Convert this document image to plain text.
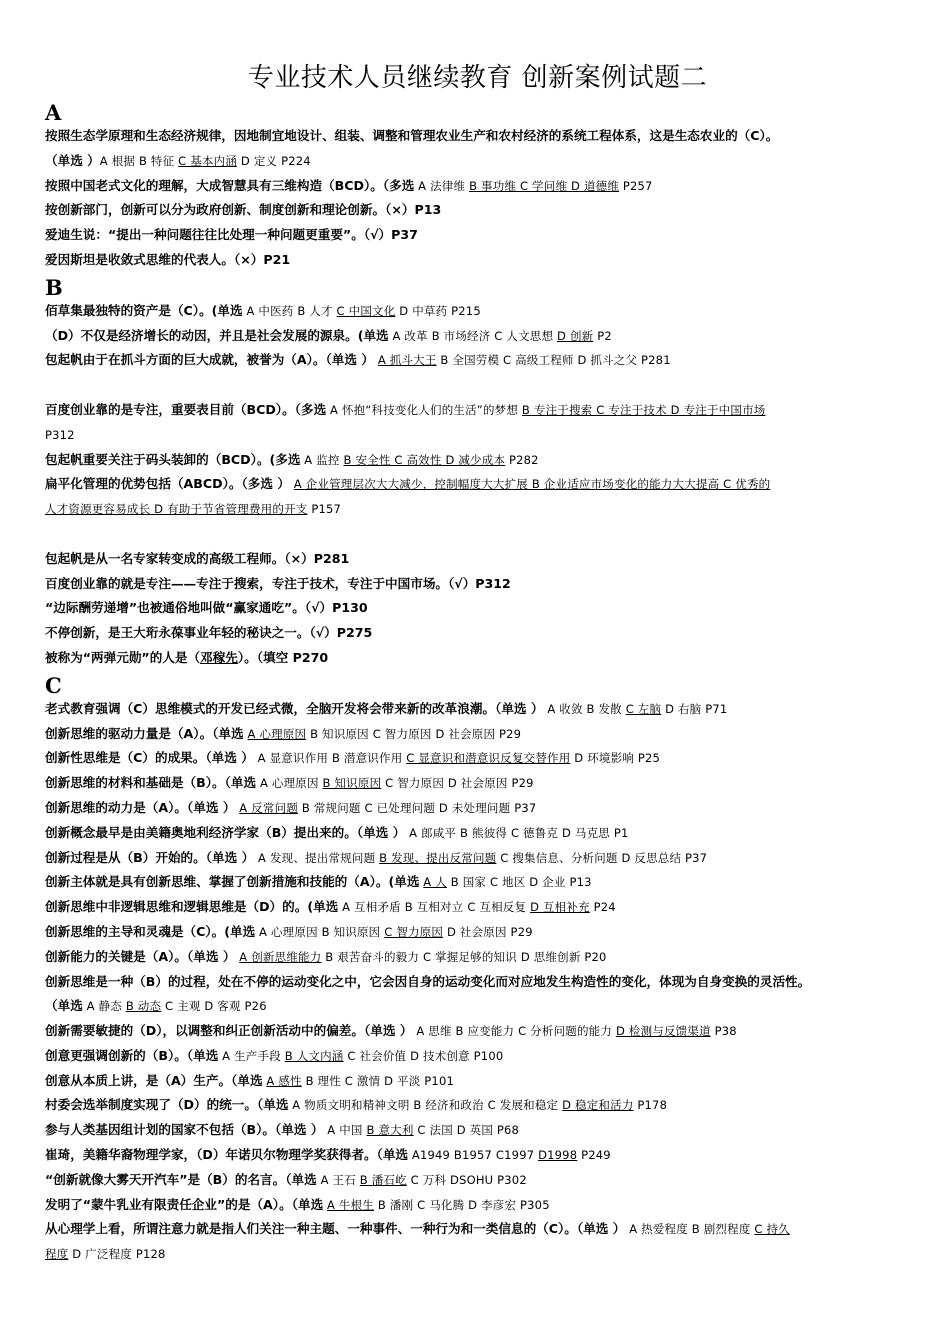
专业技术人员继续教育 创新案例试题二
A
按照生态学原理和生态经济规律，因地制宜地设计、组装、调整和管理农业生产和农村经济的系统工程体系，这是生态农业的（C）。
（单选 ）A 根据 B 特征 C 基本内涵 D 定义 P224
按照中国老式文化的理解，大成智慧具有三维构造（BCD）。（多选 A 法律维 B 事功维 C 学问维 D 道德维 P257
按创新部门，创新可以分为政府创新、制度创新和理论创新。（×）P13
爱迪生说：“提出一种问题往往比处理一种问题更重要”。（√）P37
爱因斯坦是收敛式思维的代表人。（×）P21
B
佰草集最独特的资产是（C）。(单选 A 中医药 B 人才 C 中国文化 D 中草药 P215
（D）不仅是经济增长的动因，并且是社会发展的源泉。(单选 A 改革 B 市场经济 C 人文思想 D 创新 P2
包起帆由于在抓斗方面的巨大成就，被誉为（A）。（单选 ） A 抓斗大王 B 全国劳模 C 高级工程师 D 抓斗之父 P281
百度创业靠的是专注，重要表目前（BCD）。（多选 A 怀抱“科技变化人们的生活”的梦想 B 专注于搜索 C 专注于技术 D 专注于中国市场
P312
包起帆重要关注于码头装卸的（BCD）。(多选 A 监控 B 安全性 C 高效性 D 减少成本 P282
扁平化管理的优势包括（ABCD）。（多选 ） A 企业管理层次大大减少，控制幅度大大扩展 B 企业适应市场变化的能力大大提高 C 优秀的
人才资源更容易成长 D 有助于节省管理费用的开支 P157
包起帆是从一名专家转变成的高级工程师。（×）P281
百度创业靠的就是专注——专注于搜索，专注于技术，专注于中国市场。（√）P312
“边际酬劳递增”也被通俗地叫做“赢家通吃”。（√）P130
不停创新，是王大珩永葆事业年轻的秘诀之一。（√）P275
被称为“两弹元勋”的人是（邓稼先）。（填空 P270
C
老式教育强调（C）思维模式的开发已经式微，全脑开发将会带来新的改革浪潮。（单选 ） A 收敛 B 发散 C 左脑 D 右脑 P71
创新思维的驱动力量是（A）。（单选 A 心理原因 B 知识原因 C 智力原因 D 社会原因 P29
创新性思维是（C）的成果。（单选 ） A 显意识作用 B 潜意识作用 C 显意识和潜意识反复交替作用 D 环境影响 P25
创新思维的材料和基础是（B）。（单选 A 心理原因 B 知识原因 C 智力原因 D 社会原因 P29
创新思维的动力是（A）。（单选 ） A 反常问题 B 常规问题 C 已处理问题 D 未处理问题 P37
创新概念最早是由美籍奥地利经济学家（B）提出来的。（单选 ） A 郎咸平 B 熊彼得 C 德鲁克 D 马克思 P1
创新过程是从（B）开始的。（单选 ） A 发现、提出常规问题 B 发现、提出反常问题 C 搜集信息、分析问题 D 反思总结 P37
创新主体就是具有创新思维、掌握了创新措施和技能的（A）。(单选 A 人 B 国家 C 地区 D 企业 P13
创新思维中非逻辑思维和逻辑思维是（D）的。(单选 A 互相矛盾 B 互相对立 C 互相反复 D 互相补充 P24
创新思维的主导和灵魂是（C）。(单选 A 心理原因 B 知识原因 C 智力原因 D 社会原因 P29
创新能力的关键是（A）。（单选 ） A 创新思维能力 B 艰苦奋斗的毅力 C 掌握足够的知识 D 思维创新 P20
创新思维是一种（B）的过程，处在不停的运动变化之中，它会因自身的运动变化而对应地发生构造性的变化，体现为自身变换的灵活性。
（单选 A 静态 B 动态 C 主观 D 客观 P26
创新需要敏捷的（D），以调整和纠正创新活动中的偏差。（单选 ） A 思维 B 应变能力 C 分析问题的能力 D 检测与反馈渠道 P38
创意更强调创新的（B）。（单选 A 生产手段 B 人文内涵 C 社会价值 D 技术创意 P100
创意从本质上讲，是（A）生产。（单选 A 感性 B 理性 C 激情 D 平淡 P101
村委会选举制度实现了（D）的统一。（单选 A 物质文明和精神文明 B 经济和政治 C 发展和稳定 D 稳定和活力 P178
参与人类基因组计划的国家不包括（B）。（单选 ） A 中国 B 意大利 C 法国 D 英国 P68
崔琦，美籍华裔物理学家，（D）年诺贝尔物理学奖获得者。（单选 A1949 B1957 C1997 D1998 P249
“创新就像大雾天开汽车”是（B）的名言。（单选 A 王石 B 潘石屹 C 万科 DSOHU P302
发明了“蒙牛乳业有限责任企业”的是（A）。（单选 A 牛根生 B 潘刚 C 马化腾 D 李彦宏 P305
从心理学上看，所谓注意力就是指人们关注一种主题、一种事件、一种行为和一类信息的（C）。（单选 ） A 热爱程度 B 剧烈程度 C 持久
程度 D 广泛程度 P128
